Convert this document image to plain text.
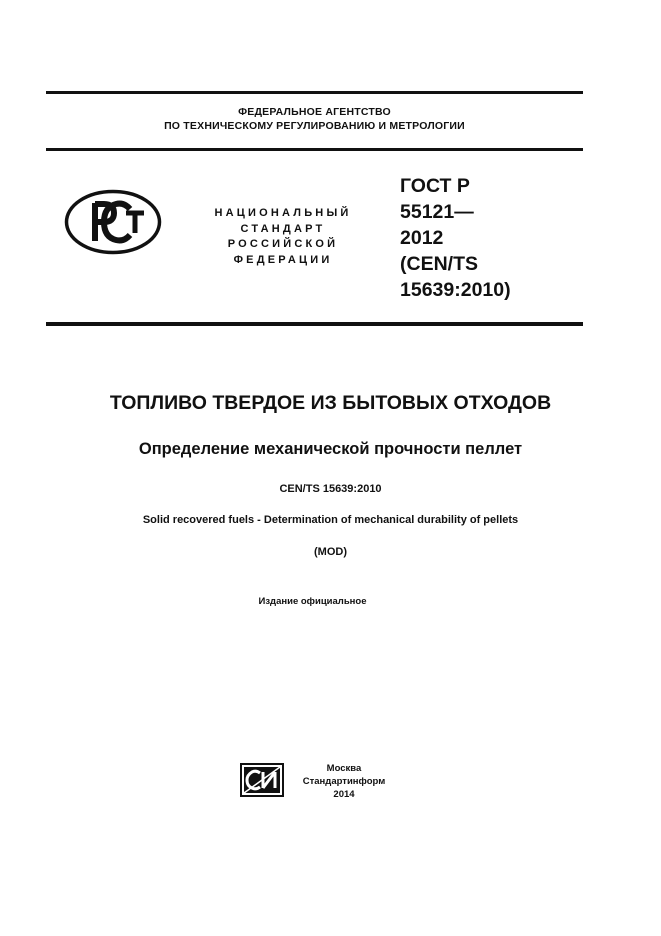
ФЕДЕРАЛЬНОЕ АГЕНТСТВО
ПО ТЕХНИЧЕСКОМУ РЕГУЛИРОВАНИЮ И МЕТРОЛОГИИ
РСТ
НАЦИОНАЛЬНЫЙ
СТАНДАРТ
РОССИЙСКОЙ
ФЕДЕРАЦИИ
ГОСТ Р
55121—
2012
(CEN/TS
15639:2010)
ТОПЛИВО ТВЕРДОЕ ИЗ БЫТОВЫХ ОТХОДОВ
Определение механической прочности пеллет
CEN/TS 15639:2010
Solid recovered fuels - Determination of mechanical durability of pellets
(MOD)
Издание официальное
Москва
Стандартинформ
2014
